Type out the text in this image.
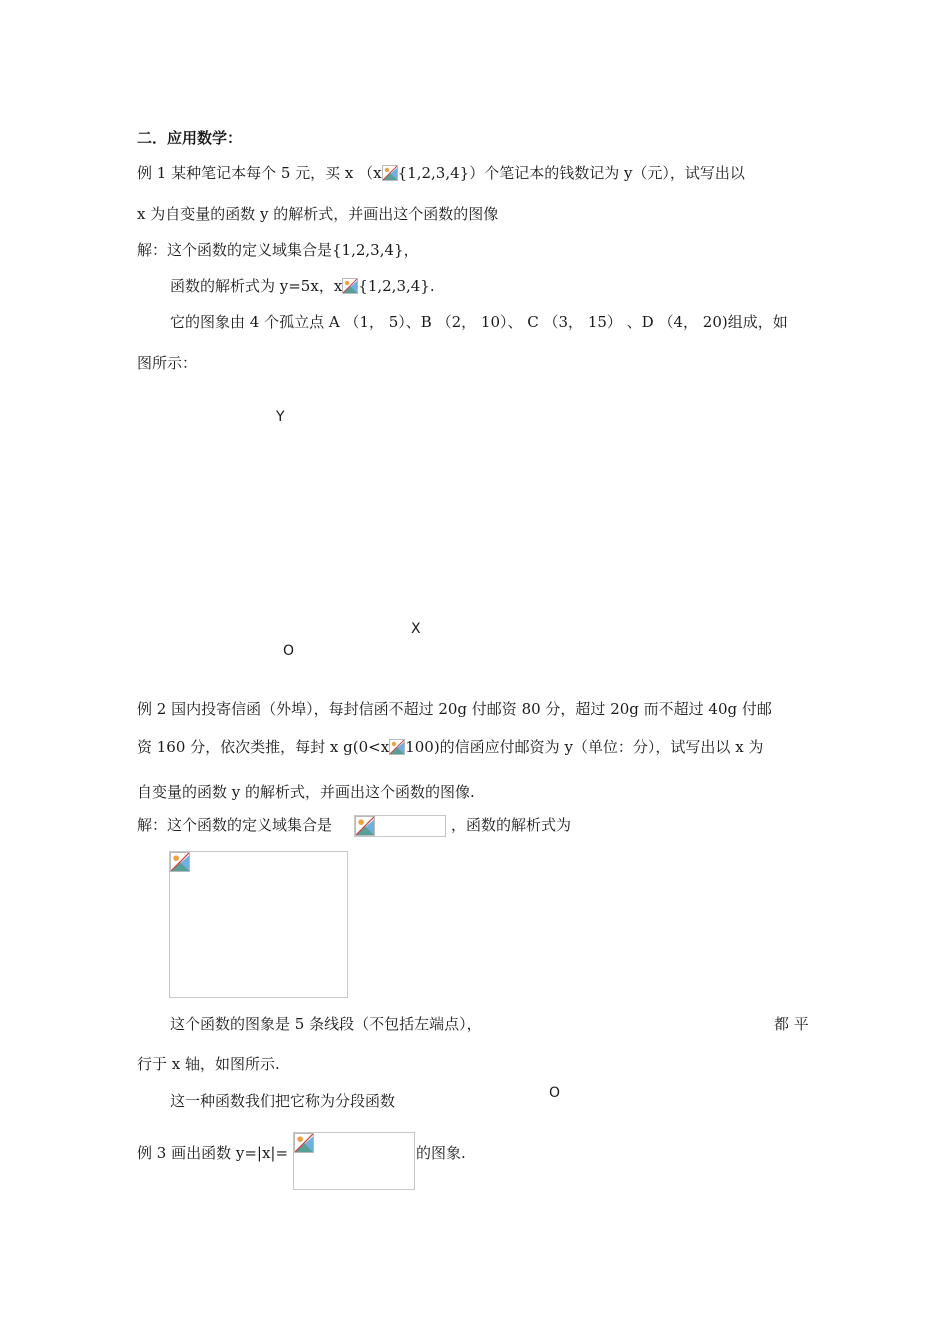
二．应用数学：
例 1 某种笔记本每个 5 元，买 x （x {1,2,3,4}）个笔记本的钱数记为 y（元），试写出以
x 为自变量的函数 y 的解析式，并画出这个函数的图像
解：这个函数的定义域集合是{1,2,3,4}，
函数的解析式为 y=5x，x {1,2,3,4}.
它的图象由 4 个孤立点 A （1， 5）、B （2， 10）、 C （3， 15） 、D （4， 20)组成，如
图所示：
Y
X
O
例 2 国内投寄信函（外埠），每封信函不超过 20g 付邮资 80 分，超过 20g 而不超过 40g 付邮
资 160 分，依次类推，每封 x g(0<x 100)的信函应付邮资为 y（单位：分），试写出以 x 为
自变量的函数 y 的解析式，并画出这个函数的图像.
解：这个函数的定义域集合是	，函数的解析式为
这个函数的图象是 5 条线段（不包括左端点），	都 平
行于 x 轴，如图所示.
这一种函数我们把它称为分段函数	O
例 3 画出函数 y=|x|=	的图象.
